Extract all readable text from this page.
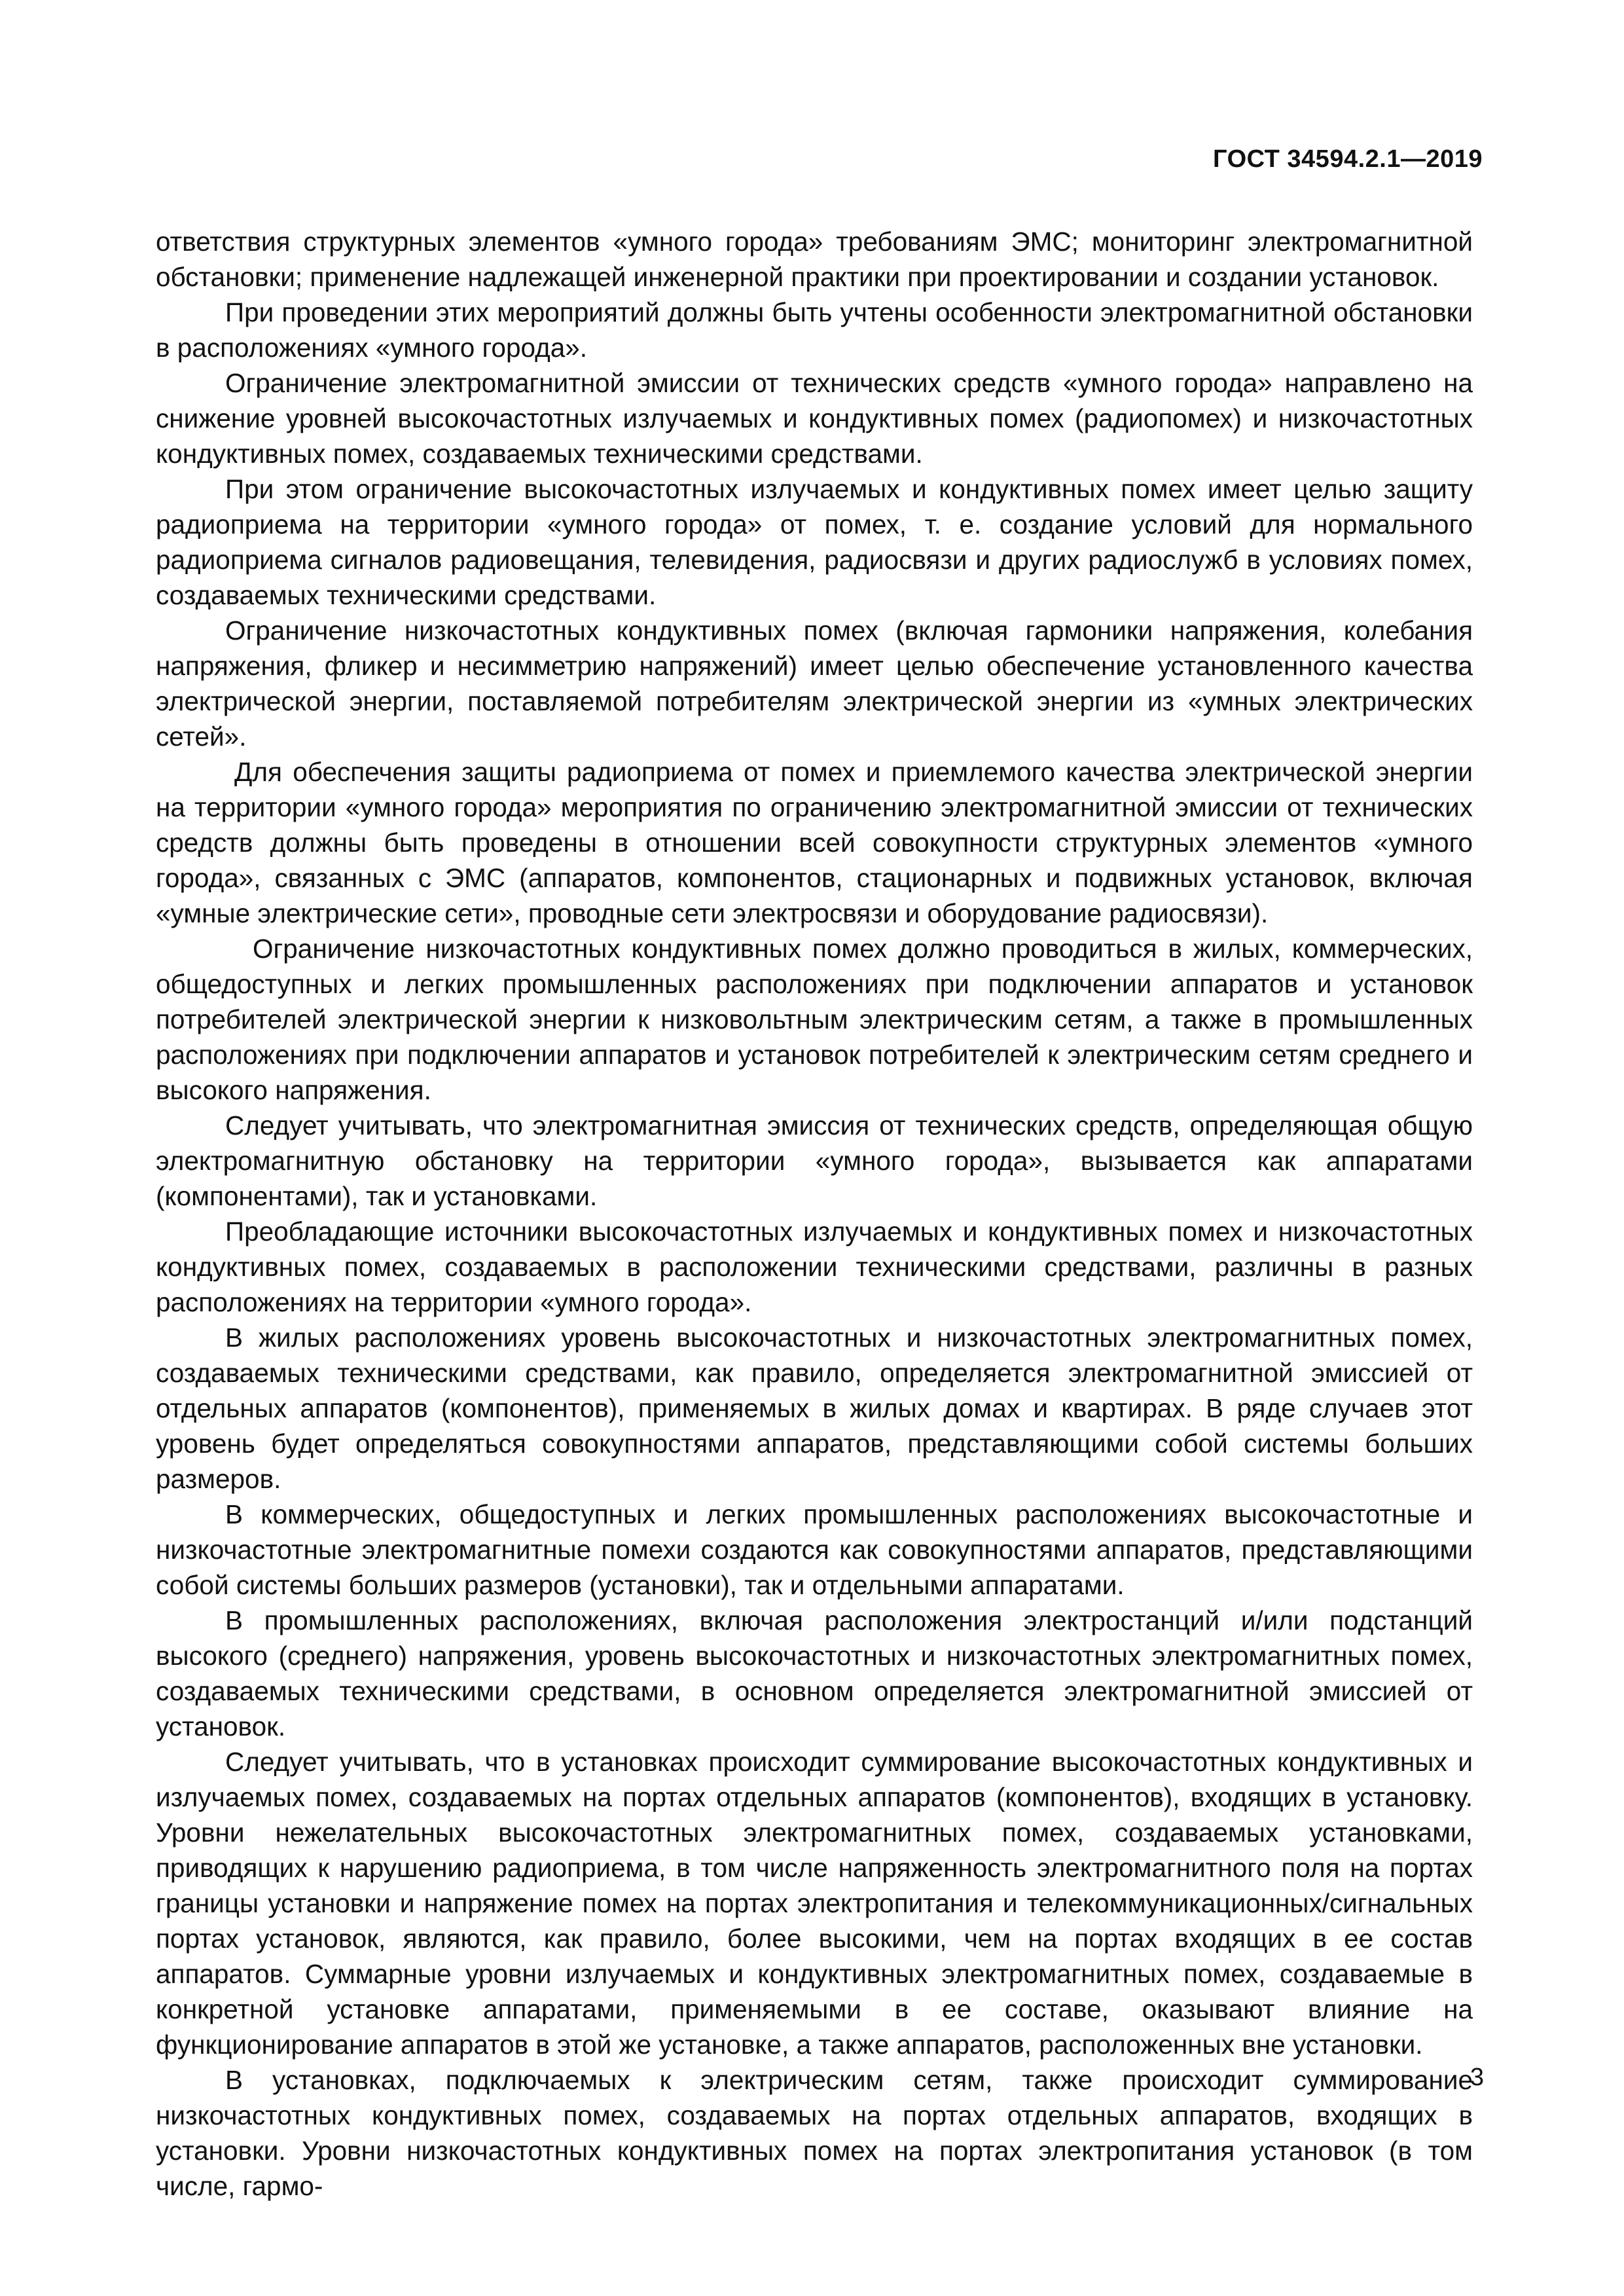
ГОСТ 34594.2.1—2019

ответствия структурных элементов «умного города» требованиям ЭМС; мониторинг электромагнитной обстановки; применение надлежащей инженерной практики при проектировании и создании установок.

При проведении этих мероприятий должны быть учтены особенности электромагнитной обстановки в расположениях «умного города».

Ограничение электромагнитной эмиссии от технических средств «умного города» направлено на снижение уровней высокочастотных излучаемых и кондуктивных помех (радиопомех) и низкочастотных кондуктивных помех, создаваемых техническими средствами.

При этом ограничение высокочастотных излучаемых и кондуктивных помех имеет целью защиту радиоприема на территории «умного города» от помех, т. е. создание условий для нормального радиоприема сигналов радиовещания, телевидения, радиосвязи и других радиослужб в условиях помех, создаваемых техническими средствами.

Ограничение низкочастотных кондуктивных помех (включая гармоники напряжения, колебания напряжения, фликер и несимметрию напряжений) имеет целью обеспечение установленного качества электрической энергии, поставляемой потребителям электрической энергии из «умных электрических сетей».

Для обеспечения защиты радиоприема от помех и приемлемого качества электрической энергии на территории «умного города» мероприятия по ограничению электромагнитной эмиссии от технических средств должны быть проведены в отношении всей совокупности структурных элементов «умного города», связанных с ЭМС (аппаратов, компонентов, стационарных и подвижных установок, включая «умные электрические сети», проводные сети электросвязи и оборудование радиосвязи).

Ограничение низкочастотных кондуктивных помех должно проводиться в жилых, коммерческих, общедоступных и легких промышленных расположениях при подключении аппаратов и установок потребителей электрической энергии к низковольтным электрическим сетям, а также в промышленных расположениях при подключении аппаратов и установок потребителей к электрическим сетям среднего и высокого напряжения.

Следует учитывать, что электромагнитная эмиссия от технических средств, определяющая общую электромагнитную обстановку на территории «умного города», вызывается как аппаратами (компонентами), так и установками.

Преобладающие источники высокочастотных излучаемых и кондуктивных помех и низкочастотных кондуктивных помех, создаваемых в расположении техническими средствами, различны в разных расположениях на территории «умного города».

В жилых расположениях уровень высокочастотных и низкочастотных электромагнитных помех, создаваемых техническими средствами, как правило, определяется электромагнитной эмиссией от отдельных аппаратов (компонентов), применяемых в жилых домах и квартирах. В ряде случаев этот уровень будет определяться совокупностями аппаратов, представляющими собой системы больших размеров.

В коммерческих, общедоступных и легких промышленных расположениях высокочастотные и низкочастотные электромагнитные помехи создаются как совокупностями аппаратов, представляющими собой системы больших размеров (установки), так и отдельными аппаратами.

В промышленных расположениях, включая расположения электростанций и/или подстанций высокого (среднего) напряжения, уровень высокочастотных и низкочастотных электромагнитных помех, создаваемых техническими средствами, в основном определяется электромагнитной эмиссией от установок.

Следует учитывать, что в установках происходит суммирование высокочастотных кондуктивных и излучаемых помех, создаваемых на портах отдельных аппаратов (компонентов), входящих в установку. Уровни нежелательных высокочастотных электромагнитных помех, создаваемых установками, приводящих к нарушению радиоприема, в том числе напряженность электромагнитного поля на портах границы установки и напряжение помех на портах электропитания и телекоммуникационных/сигнальных портах установок, являются, как правило, более высокими, чем на портах входящих в ее состав аппаратов. Суммарные уровни излучаемых и кондуктивных электромагнитных помех, создаваемые в конкретной установке аппаратами, применяемыми в ее составе, оказывают влияние на функционирование аппаратов в этой же установке, а также аппаратов, расположенных вне установки.

В установках, подключаемых к электрическим сетям, также происходит суммирование низкочастотных кондуктивных помех, создаваемых на портах отдельных аппаратов, входящих в установки. Уровни низкочастотных кондуктивных помех на портах электропитания установок (в том числе, гармо-

3
